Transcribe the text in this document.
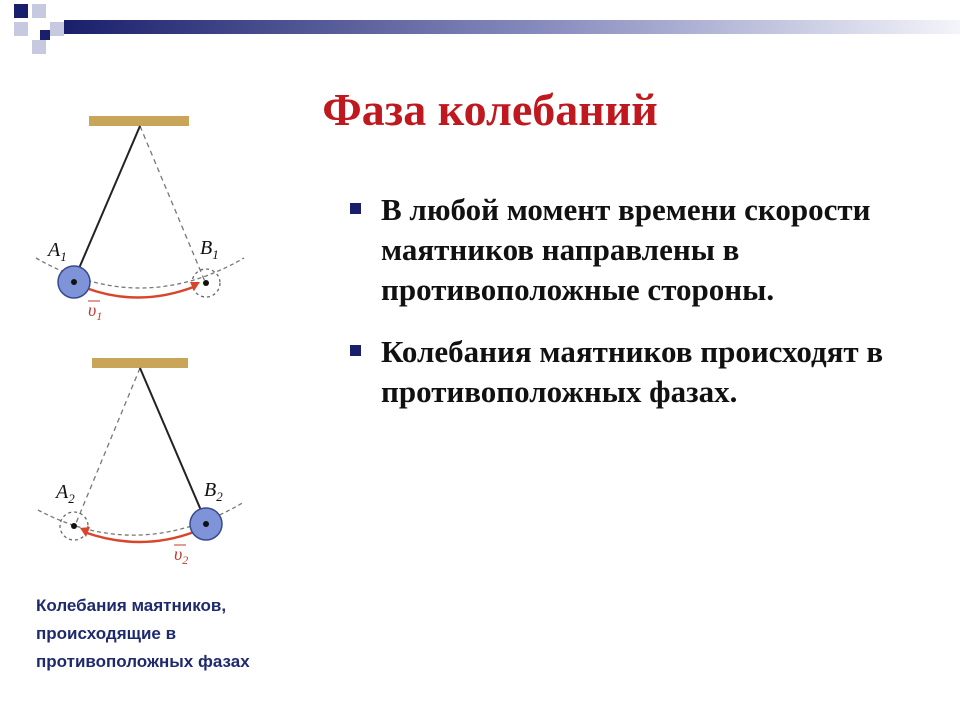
Фаза колебаний
В любой момент времени скорости маятников направлены в противоположные стороны.
Колебания маятников происходят в противоположных фазах.
$A_1$	$B_1$
$\upsilon_1$
$A_2$	$B_2$
$\upsilon_2$
Колебания маятников, происходящие в противоположных фазах
